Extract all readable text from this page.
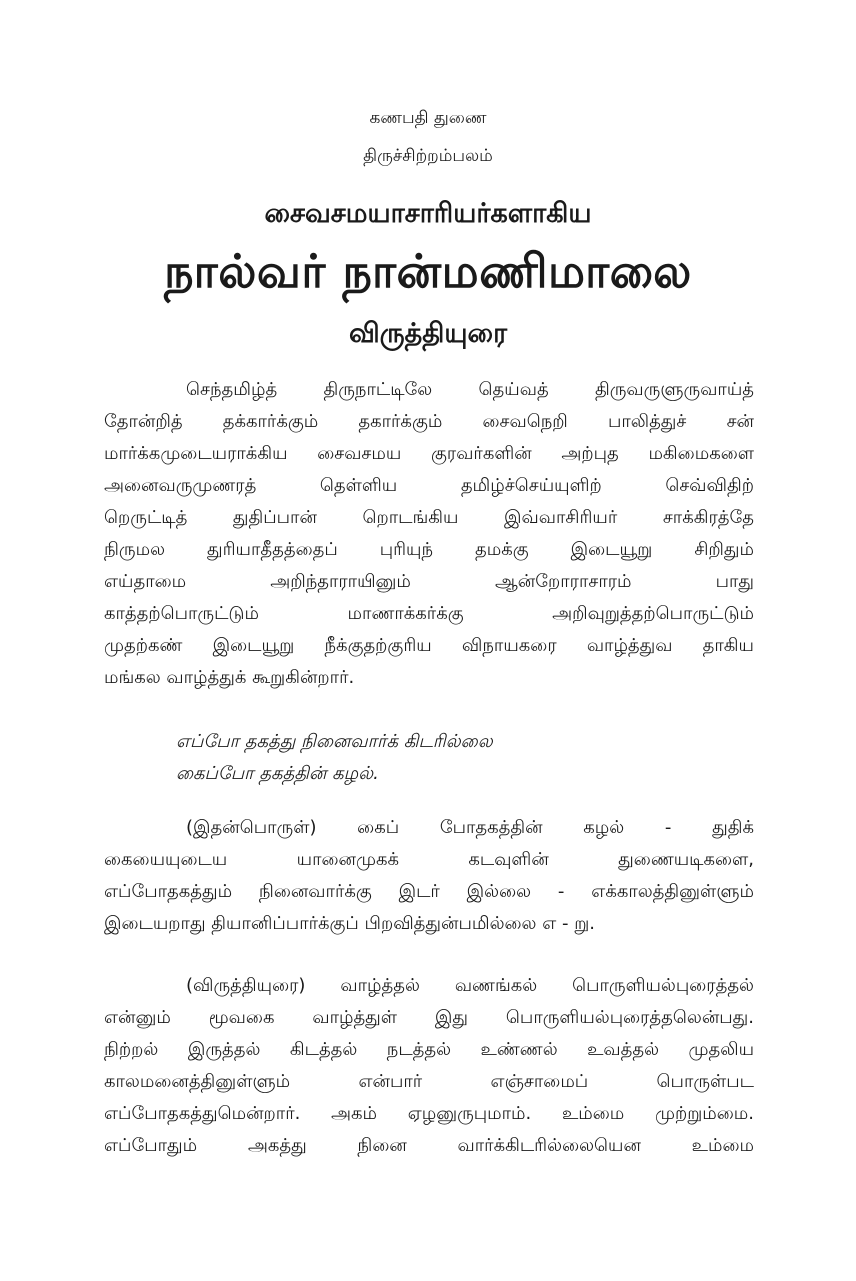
கணபதி துணை
திருச்சிற்றம்பலம்
சைவசமயாசாரியர்களாகிய
நால்வர் நான்மணிமாலை
விருத்தியுரை
செந்தமிழ்த் திருநாட்டிலே தெய்வத் திருவருளுருவாய்த்
தோன்றித் தக்கார்க்கும் தகார்க்கும் சைவநெறி பாலித்துச் சன்
மார்க்கமுடையராக்கிய சைவசமய குரவர்களின் அற்புத மகிமைகளை
அனைவருமுணரத் தெள்ளிய தமிழ்ச்செய்யுளிற் செவ்விதிற்
றெருட்டித் துதிப்பான் றொடங்கிய இவ்வாசிரியர் சாக்கிரத்தே
நிருமல துரியாதீதத்தைப் புரியுந் தமக்கு இடையூறு சிறிதும்
எய்தாமை அறிந்தாராயினும் ஆன்றோராசாரம் பாது
காத்தற்பொருட்டும் மாணாக்கர்க்கு அறிவுறுத்தற்பொருட்டும்
முதற்கண் இடையூறு நீக்குதற்குரிய விநாயகரை வாழ்த்துவ தாகிய
மங்கல வாழ்த்துக் கூறுகின்றார்.
எப்போ தகத்து நினைவார்க் கிடரில்லை
கைப்போ தகத்தின் கழல்.
(இதன்பொருள்) கைப் போதகத்தின் கழல் - துதிக்
கையையுடைய யானைமுகக் கடவுளின் துணையடிகளை,
எப்போதகத்தும் நினைவார்க்கு இடர் இல்லை - எக்காலத்தினுள்ளும்
இடையறாது தியானிப்பார்க்குப் பிறவித்துன்பமில்லை எ - று.
(விருத்தியுரை) வாழ்த்தல் வணங்கல் பொருளியல்புரைத்தல்
என்னும் மூவகை வாழ்த்துள் இது பொருளியல்புரைத்தலென்பது.
நிற்றல் இருத்தல் கிடத்தல் நடத்தல் உண்ணல் உவத்தல் முதலிய
காலமனைத்தினுள்ளும் என்பார் எஞ்சாமைப் பொருள்பட
எப்போதகத்துமென்றார். அகம் ஏழனுருபுமாம். உம்மை முற்றும்மை.
எப்போதும் அகத்து நினை வார்க்கிடரில்லையென உம்மை
